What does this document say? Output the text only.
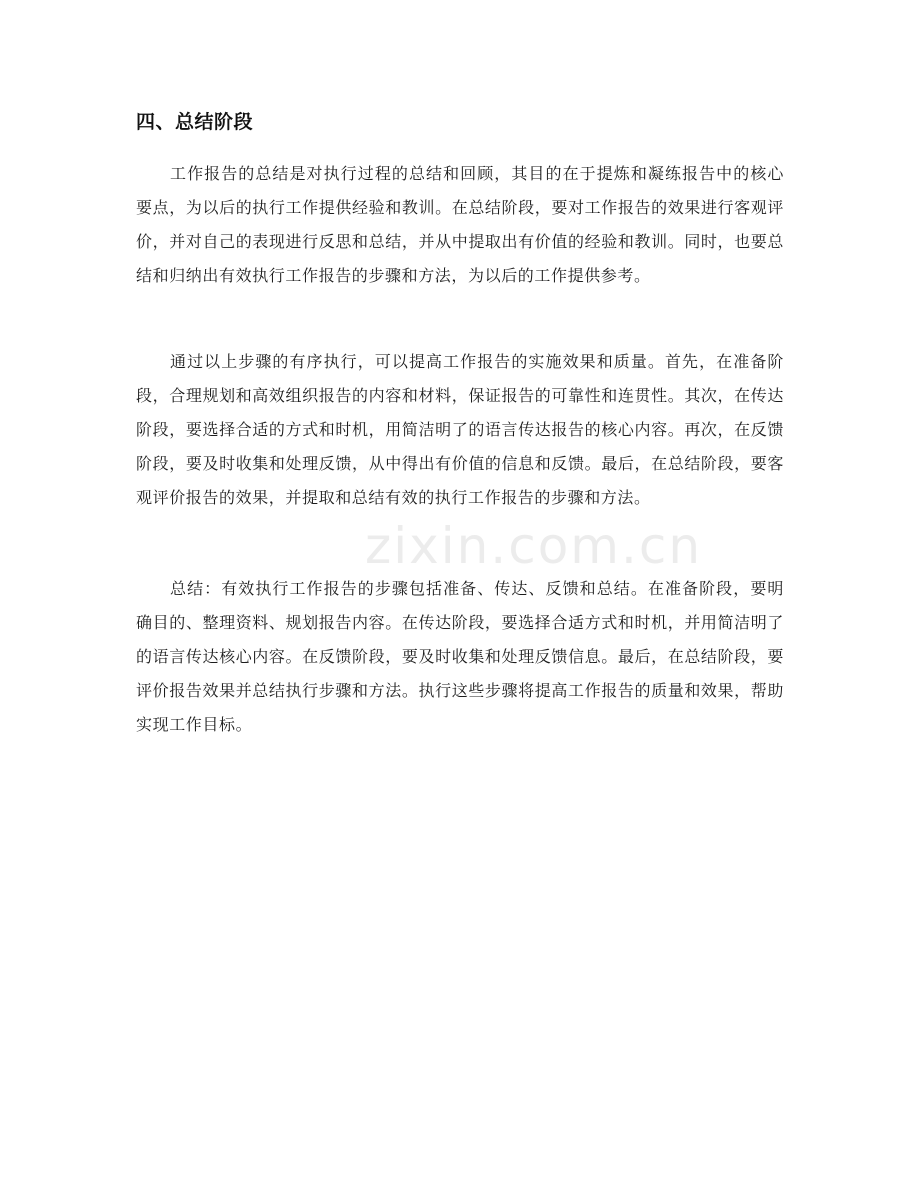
四、总结阶段

工作报告的总结是对执行过程的总结和回顾，其目的在于提炼和凝练报告中的核心要点，为以后的执行工作提供经验和教训。在总结阶段，要对工作报告的效果进行客观评价，并对自己的表现进行反思和总结，并从中提取出有价值的经验和教训。同时，也要总结和归纳出有效执行工作报告的步骤和方法，为以后的工作提供参考。

通过以上步骤的有序执行，可以提高工作报告的实施效果和质量。首先，在准备阶段，合理规划和高效组织报告的内容和材料，保证报告的可靠性和连贯性。其次，在传达阶段，要选择合适的方式和时机，用简洁明了的语言传达报告的核心内容。再次，在反馈阶段，要及时收集和处理反馈，从中得出有价值的信息和反馈。最后，在总结阶段，要客观评价报告的效果，并提取和总结有效的执行工作报告的步骤和方法。

总结：有效执行工作报告的步骤包括准备、传达、反馈和总结。在准备阶段，要明确目的、整理资料、规划报告内容。在传达阶段，要选择合适方式和时机，并用简洁明了的语言传达核心内容。在反馈阶段，要及时收集和处理反馈信息。最后，在总结阶段，要评价报告效果并总结执行步骤和方法。执行这些步骤将提高工作报告的质量和效果，帮助实现工作目标。

zixin.com.cn
